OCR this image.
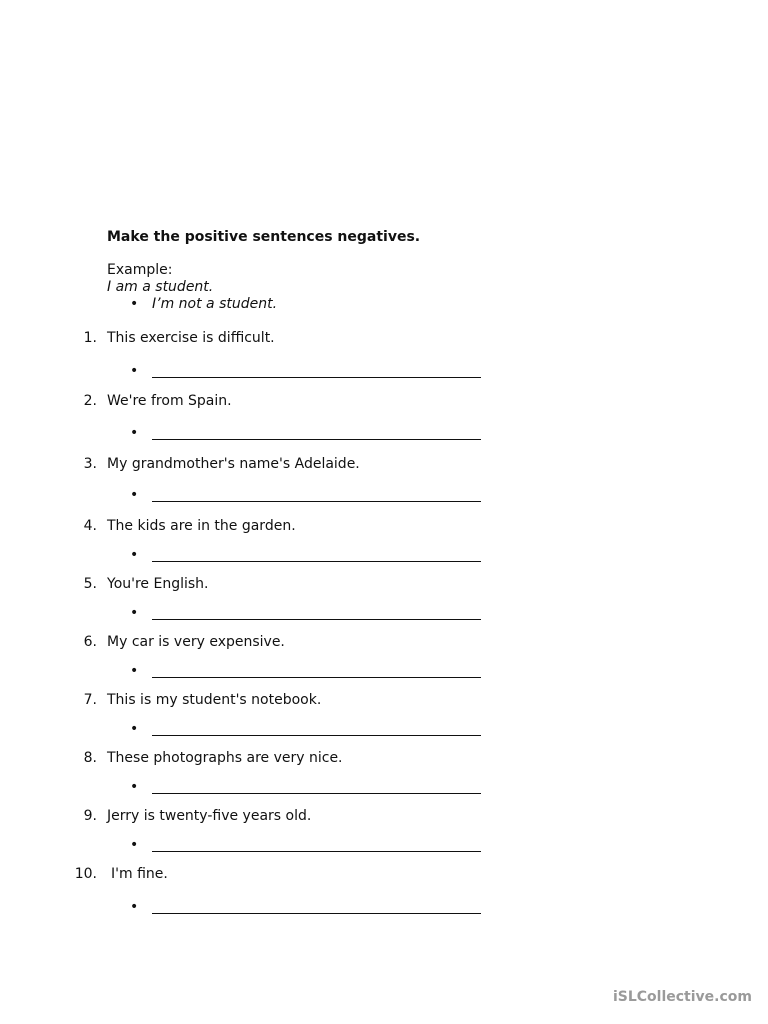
Make the positive sentences negatives.
Example:
I am a student.
• I’m not a student.
1. This exercise is difficult.
•
2. We're from Spain.
•
3. My grandmother's name's Adelaide.
•
4. The kids are in the garden.
•
5. You're English.
•
6. My car is very expensive.
•
7. This is my student's notebook.
•
8. These photographs are very nice.
•
9. Jerry is twenty-five years old.
•
10. I'm fine.
•
iSLCollective.com
